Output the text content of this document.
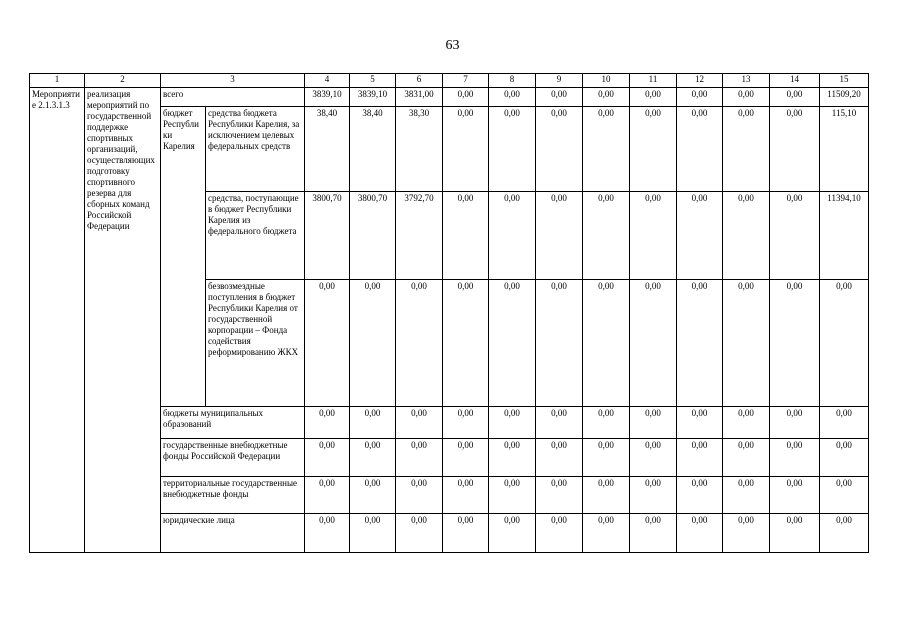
63
1	2	3		4	5	6	7	8	9	10	11	12	13	14	15
Мероприятие 2.1.3.1.3	реализация мероприятий по государственной поддержке спортивных организаций, осуществляющих подготовку спортивного резерва для сборных команд Российской Федерации	всего		3839,10	3839,10	3831,00	0,00	0,00	0,00	0,00	0,00	0,00	0,00	0,00	11509,20
		бюджет Республики Карелия	средства бюджета Республики Карелия, за исключением целевых федеральных средств	38,40	38,40	38,30	0,00	0,00	0,00	0,00	0,00	0,00	0,00	0,00	115,10
			средства, поступающие в бюджет Республики Карелия из федерального бюджета	3800,70	3800,70	3792,70	0,00	0,00	0,00	0,00	0,00	0,00	0,00	0,00	11394,10
			безвозмездные поступления в бюджет Республики Карелия от государственной корпорации – Фонда содействия реформированию ЖКХ	0,00	0,00	0,00	0,00	0,00	0,00	0,00	0,00	0,00	0,00	0,00	0,00
		бюджеты муниципальных образований		0,00	0,00	0,00	0,00	0,00	0,00	0,00	0,00	0,00	0,00	0,00	0,00
		государственные внебюджетные фонды Российской Федерации		0,00	0,00	0,00	0,00	0,00	0,00	0,00	0,00	0,00	0,00	0,00	0,00
		территориальные государственные внебюджетные фонды		0,00	0,00	0,00	0,00	0,00	0,00	0,00	0,00	0,00	0,00	0,00	0,00
		юридические лица		0,00	0,00	0,00	0,00	0,00	0,00	0,00	0,00	0,00	0,00	0,00	0,00
